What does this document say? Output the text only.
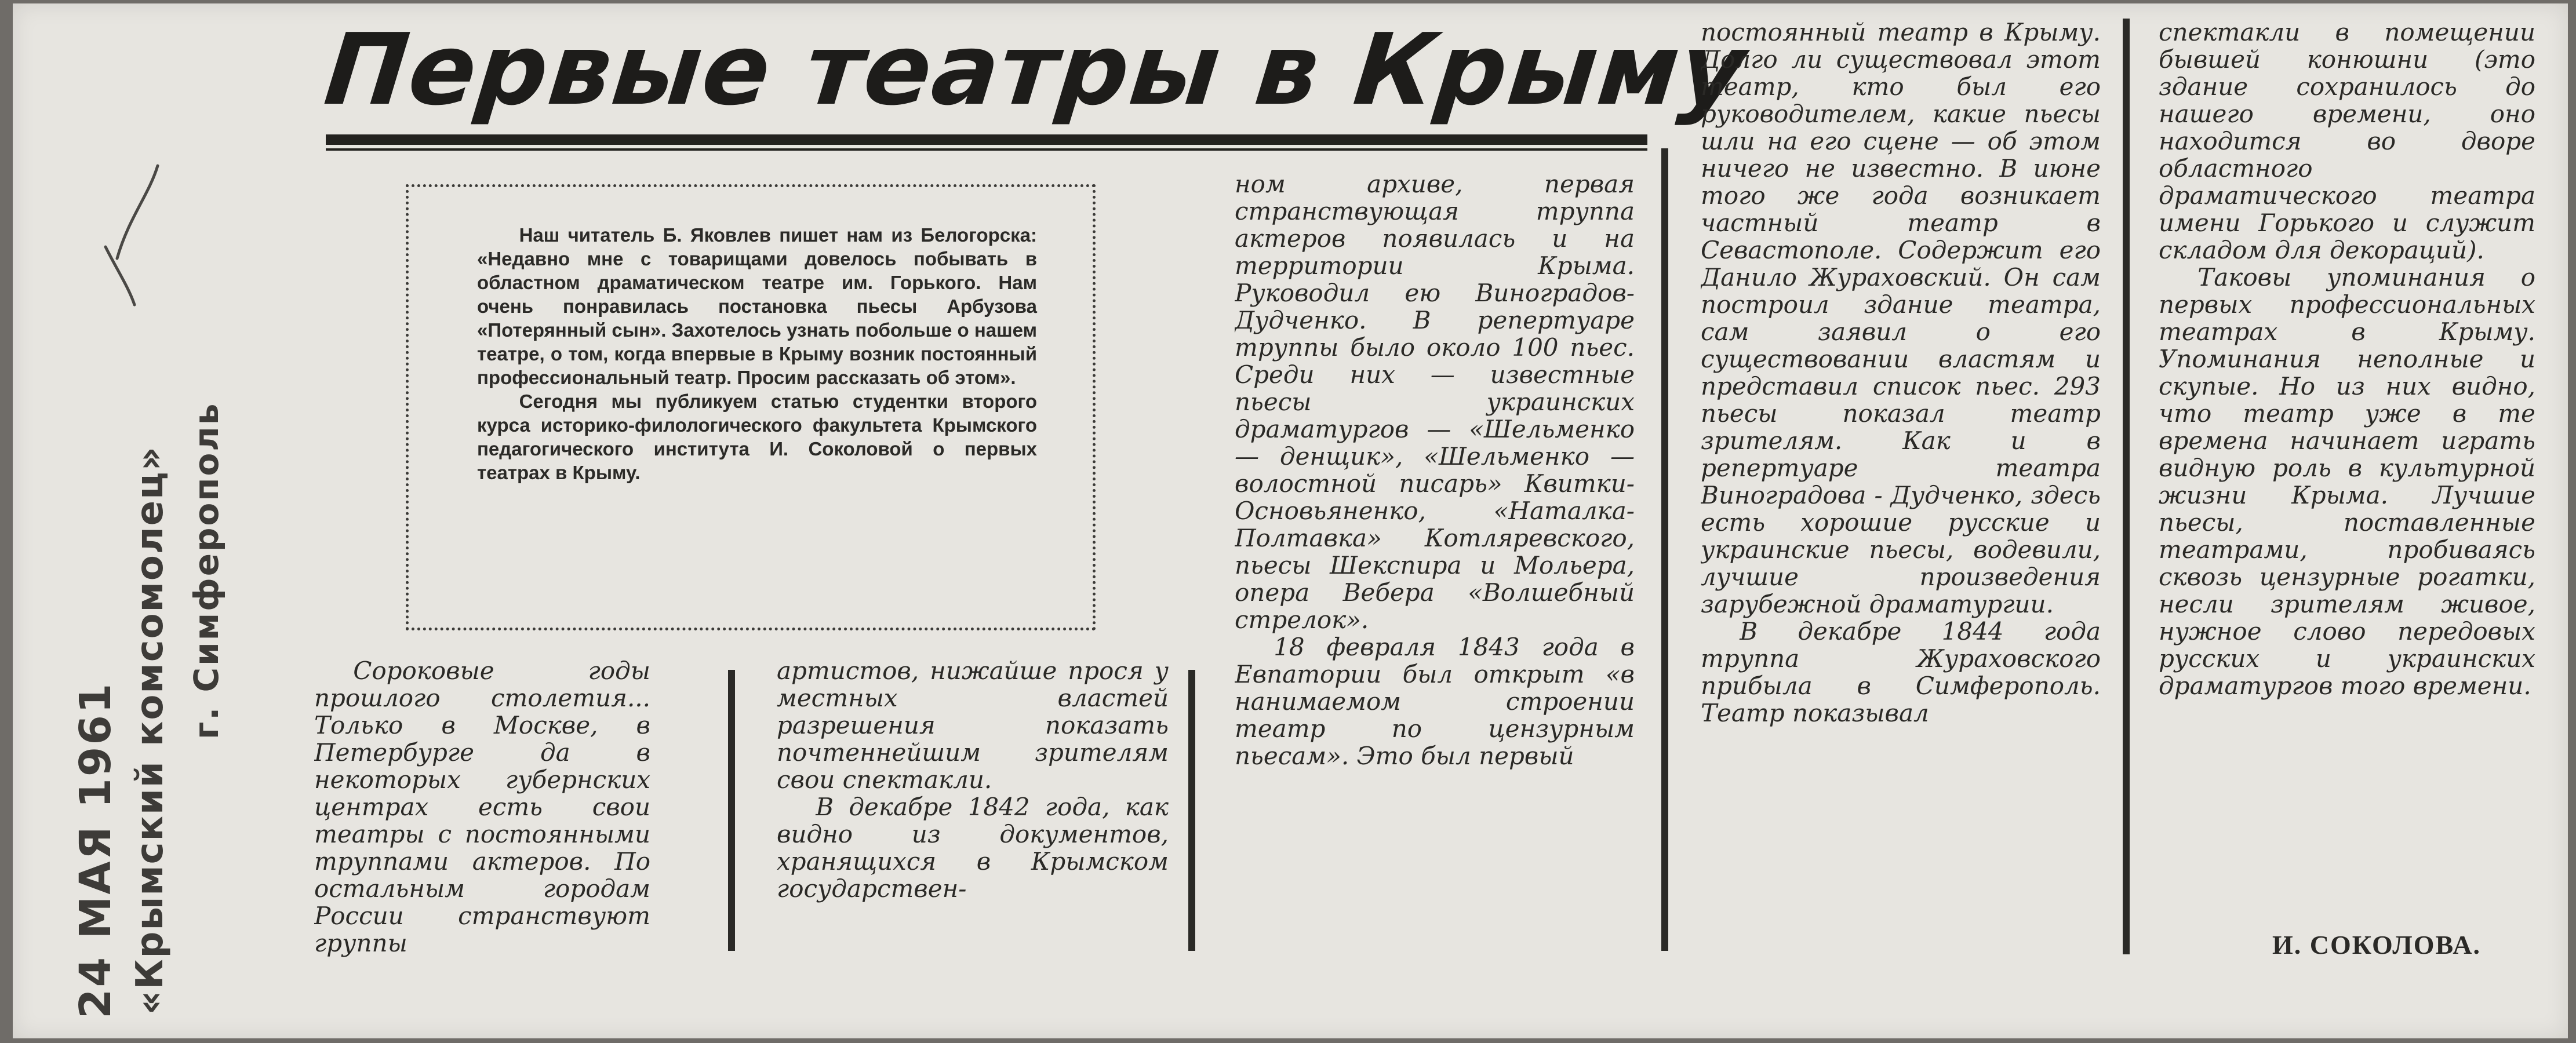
24 МАЯ 1961 «Крымский комсомолец» г. Симферополь
Первые театры в Крыму

Наш читатель Б. Яковлев пишет нам из Белогорска: «Недавно мне с товарищами довелось побывать в областном драматическом театре им. Горького. Нам очень понравилась постановка пьесы Арбузова «Потерянный сын». Захотелось узнать побольше о нашем театре, о том, когда впервые в Крыму возник постоянный профессиональный театр. Просим рассказать об этом».

Сегодня мы публикуем статью студентки второго курса историко-филологического факультета Крымского педагогического института И. Соколовой о первых театрах в Крыму.

Сороковые годы прошлого столетия... Только в Москве, в Петербурге да в некоторых губернских центрах есть свои театры с постоянными труппами актеров. По остальным городам России странствуют группы

артистов, нижайше прося у местных властей разрешения показать почтеннейшим зрителям свои спектакли.

В декабре 1842 года, как видно из документов, хранящихся в Крымском государствен-

ном архиве, первая странствующая труппа актеров появилась и на территории Крыма. Руководил ею Виноградов-Дудченко. В репертуаре труппы было около 100 пьес. Среди них — известные пьесы украинских драматургов — «Шельменко — денщик», «Шельменко — волостной писарь» Квитки-Основьяненко, «Наталка-Полтавка» Котляревского, пьесы Шекспира и Мольера, опера Вебера «Волшебный стрелок».

18 февраля 1843 года в Евпатории был открыт «в нанимаемом строении театр по цензурным пьесам». Это был первый

постоянный театр в Крыму. Долго ли существовал этот театр, кто был его руководителем, какие пьесы шли на его сцене — об этом ничего не известно. В июне того же года возникает частный театр в Севастополе. Содержит его Данило Жураховский. Он сам построил здание театра, сам заявил о его существовании властям и представил список пьес. 293 пьесы показал театр зрителям. Как и в репертуаре театра Виноградова - Дудченко, здесь есть хорошие русские и украинские пьесы, водевили, лучшие произведения зарубежной драматургии.

В декабре 1844 года труппа Жураховского прибыла в Симферополь. Театр показывал

спектакли в помещении бывшей конюшни (это здание сохранилось до нашего времени, оно находится во дворе областного драматического театра имени Горького и служит складом для декораций).

Таковы упоминания о первых профессиональных театрах в Крыму. Упоминания неполные и скупые. Но из них видно, что театр уже в те времена начинает играть видную роль в культурной жизни Крыма. Лучшие пьесы, поставленные театрами, пробиваясь сквозь цензурные рогатки, несли зрителям живое, нужное слово передовых русских и украинских драматургов того времени.

И. СОКОЛОВА.
